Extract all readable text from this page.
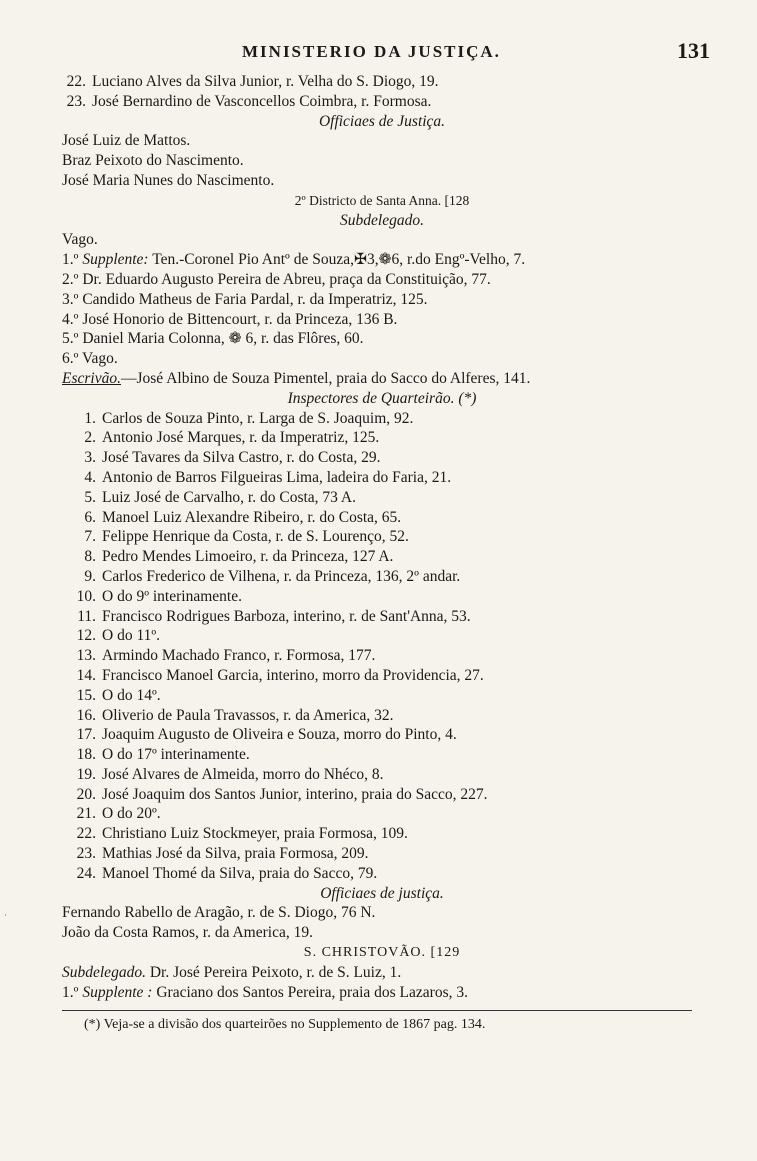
MINISTERIO DA JUSTIÇA.	131
22. Luciano Alves da Silva Junior, r. Velha do S. Diogo, 19.
23. José Bernardino de Vasconcellos Coimbra, r. Formosa.
Officiaes de Justiça.
José Luiz de Mattos.
Braz Peixoto do Nascimento.
José Maria Nunes do Nascimento.
2º Districto de Santa Anna. [128
Subdelegado.
Vago.
1.º Supplente: Ten.-Coronel Pio Antº de Souza,✠3,❁6, r.do Engº-Velho, 7.
2.º Dr. Eduardo Augusto Pereira de Abreu, praça da Constituição, 77.
3.º Candido Matheus de Faria Pardal, r. da Imperatriz, 125.
4.º José Honorio de Bittencourt, r. da Princeza, 136 B.
5.º Daniel Maria Colonna, ❁ 6, r. das Flôres, 60.
6.º Vago.
Escrivão.—José Albino de Souza Pimentel, praia do Sacco do Alferes, 141.
Inspectores de Quarteirão. (*)
1. Carlos de Souza Pinto, r. Larga de S. Joaquim, 92.
2. Antonio José Marques, r. da Imperatriz, 125.
3. José Tavares da Silva Castro, r. do Costa, 29.
4. Antonio de Barros Filgueiras Lima, ladeira do Faria, 21.
5. Luiz José de Carvalho, r. do Costa, 73 A.
6. Manoel Luiz Alexandre Ribeiro, r. do Costa, 65.
7. Felippe Henrique da Costa, r. de S. Lourenço, 52.
8. Pedro Mendes Limoeiro, r. da Princeza, 127 A.
9. Carlos Frederico de Vilhena, r. da Princeza, 136, 2º andar.
10. O do 9º interinamente.
11. Francisco Rodrigues Barboza, interino, r. de Sant'Anna, 53.
12. O do 11º.
13. Armindo Machado Franco, r. Formosa, 177.
14. Francisco Manoel Garcia, interino, morro da Providencia, 27.
15. O do 14º.
16. Oliverio de Paula Travassos, r. da America, 32.
17. Joaquim Augusto de Oliveira e Souza, morro do Pinto, 4.
18. O do 17º interinamente.
19. José Alvares de Almeida, morro do Nhéco, 8.
20. José Joaquim dos Santos Junior, interino, praia do Sacco, 227.
21. O do 20º.
22. Christiano Luiz Stockmeyer, praia Formosa, 109.
23. Mathias José da Silva, praia Formosa, 209.
24. Manoel Thomé da Silva, praia do Sacco, 79.
Officiaes de justiça.
Fernando Rabello de Aragão, r. de S. Diogo, 76 N.
João da Costa Ramos, r. da America, 19.
S. CHRISTOVÃO. [129
Subdelegado. Dr. José Pereira Peixoto, r. de S. Luiz, 1.
1.º Supplente : Graciano dos Santos Pereira, praia dos Lazaros, 3.
(*) Veja-se a divisão dos quarteirões no Supplemento de 1867 pag. 134.
·
